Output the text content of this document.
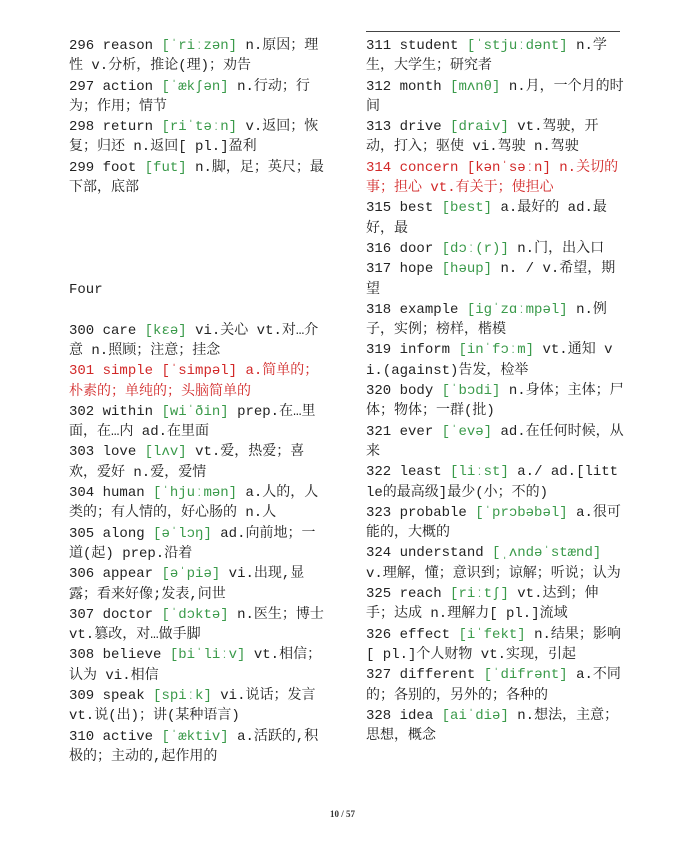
296 reason [ˈriːzən] n.原因；理性 v.分析，推论(理)；劝告
297 action [ˈækʃən] n.行动；行为；作用；情节
298 return [riˈtəːn] v.返回；恢复；归还 n.返回[ pl.]盈利
299 foot [fut] n.脚，足；英尺；最下部，底部
Four
300 care [kɛə] vi.关心 vt.对…介意 n.照顾；注意；挂念
301 simple [ˈsimpəl] a.简单的；朴素的；单纯的；头脑简单的
302 within [wiˈðin] prep.在…里面，在…内 ad.在里面
303 love [lʌv] vt.爱，热爱；喜欢，爱好 n.爱，爱情
304 human [ˈhjuːmən] a.人的，人类的；有人情的，好心肠的 n.人
305 along [əˈlɔŋ] ad.向前地；一道(起) prep.沿着
306 appear [əˈpiə] vi.出现,显露；看来好像;发表,问世
307 doctor [ˈdɔktə] n.医生；博士 vt.篡改，对…做手脚
308 believe [biˈliːv] vt.相信；认为 vi.相信
309 speak [spiːk] vi.说话；发言 vt.说(出)；讲(某种语言)
310 active [ˈæktiv] a.活跃的,积极的；主动的,起作用的
311 student [ˈstjuːdənt] n.学生，大学生；研究者
312 month [mʌnθ] n.月，一个月的时间
313 drive [draiv] vt.驾驶，开动，打入；驱使 vi.驾驶 n.驾驶
314 concern [kənˈsəːn] n.关切的事；担心 vt.有关于；使担心
315 best [best] a.最好的 ad.最好，最
316 door [dɔː(r)] n.门，出入口
317 hope [həup] n. / v.希望，期望
318 example [igˈzɑːmpəl] n.例子，实例；榜样，楷模
319 inform [inˈfɔːm] vt.通知 vi.(against)告发，检举
320 body [ˈbɔdi] n.身体；主体；尸体；物体；一群(批)
321 ever [ˈevə] ad.在任何时候，从来
322 least [liːst] a./ ad.[little的最高级]最少(小；不的)
323 probable [ˈprɔbəbəl] a.很可能的，大概的
324 understand [ˌʌndəˈstænd] v.理解，懂；意识到；谅解；听说；认为
325 reach [riːtʃ] vt.达到；伸手；达成 n.理解力[ pl.]流域
326 effect [iˈfekt] n.结果；影响[ pl.]个人财物 vt.实现，引起
327 different [ˈdifrənt] a.不同的；各别的，另外的；各种的
328 idea [aiˈdiə] n.想法，主意；思想，概念
10 / 57
